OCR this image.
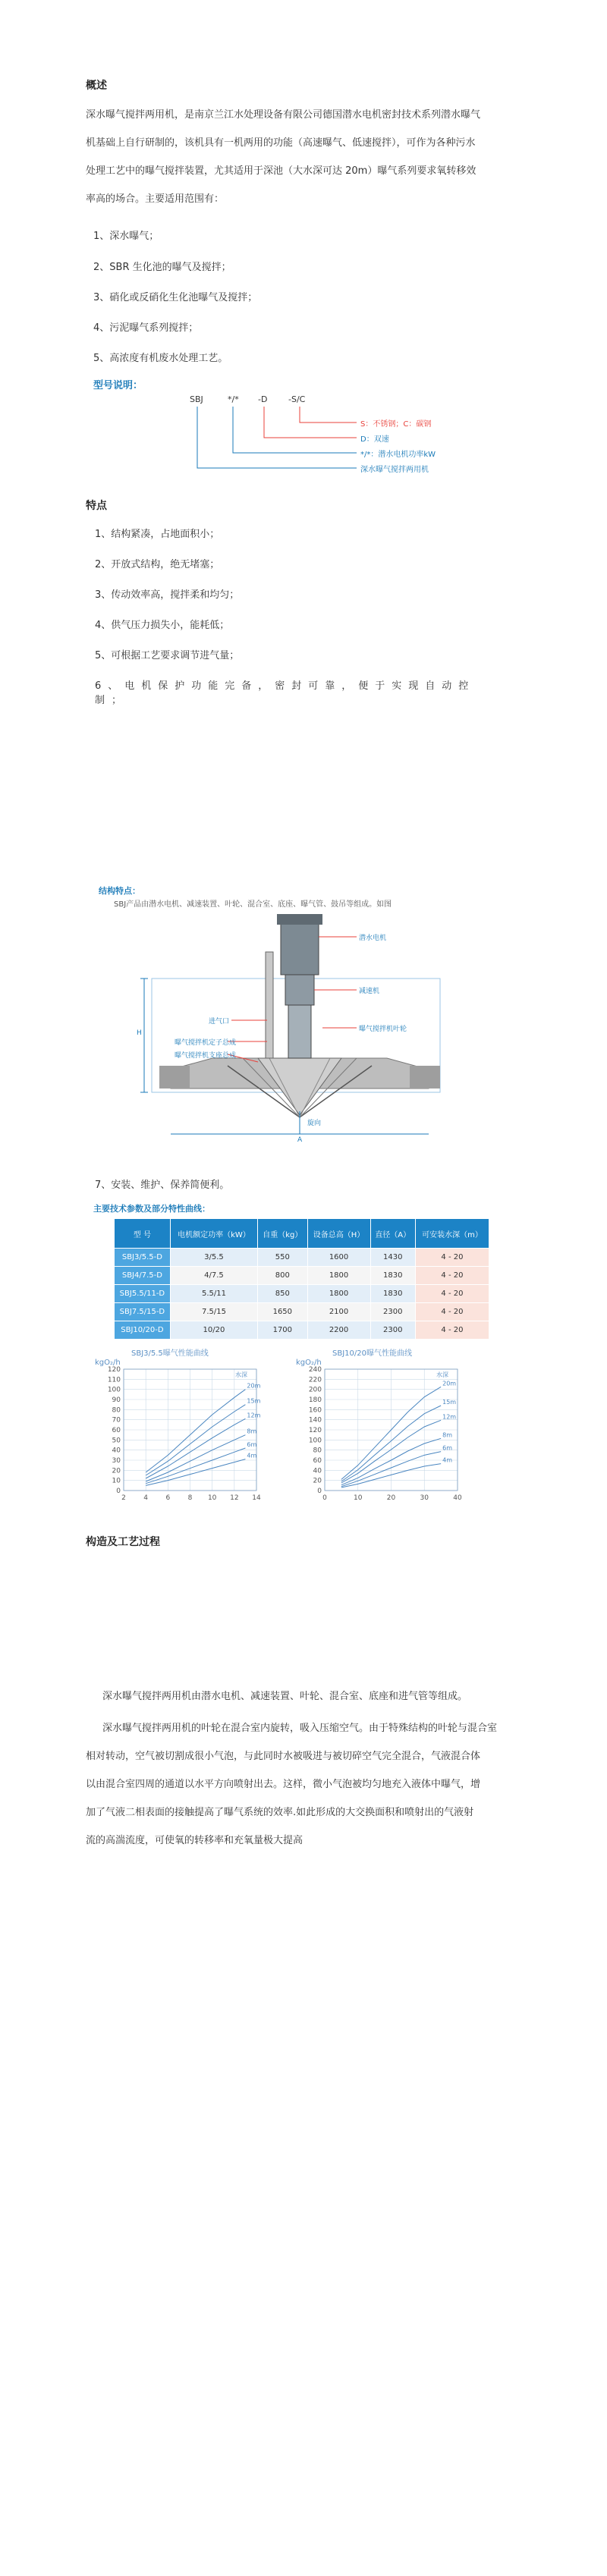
概述
深水曝气搅拌两用机，是南京兰江水处理设备有限公司德国潜水电机密封技术系列潜水曝气
机基础上自行研制的，该机具有一机两用的功能（高速曝气、低速搅拌），可作为各种污水
处理工艺中的曝气搅拌装置，尤其适用于深池（大水深可达 20m）曝气系列要求氧转移效
率高的场合。主要适用范围有：
1、深水曝气；
2、SBR 生化池的曝气及搅拌；
3、硝化或反硝化生化池曝气及搅拌；
4、污泥曝气系列搅拌；
5、高浓度有机废水处理工艺。
型号说明：
SBJ	*/* -D	-S/C
S：不锈钢；C：碳钢
D：双速
*/*：潜水电机功率kW
深水曝气搅拌两用机
特点
1、结构紧凑，占地面积小；
2、开放式结构，绝无堵塞；
3、传动效率高，搅拌柔和均匀；
4、供气压力损失小，能耗低；
5、可根据工艺要求调节进气量；
6、电机保护功能完备，密封可靠，便于实现自动控制；
结构特点：
SBJ产品由潜水电机、减速装置、叶轮、混合室、底座、曝气管、鼓吊等组成。如图
潜水电机
减速机
曝气搅拌机叶轮
进气口
曝气搅拌机定子总成
曝气搅拌机支座总成
旋向
H
A
7、安装、维护、保养简便利。
主要技术参数及部分特性曲线：
型 号	电机额定功率（kW）	自重（kg）	设备总高（H）	直径（A）	可安装水深（m）
SBJ3/5.5-D	3/5.5	550	1600	1430	4 - 20
SBJ4/7.5-D	4/7.5	800	1800	1830	4 - 20
SBJ5.5/11-D	5.5/11	850	1800	1830	4 - 20
SBJ7.5/15-D	7.5/15	1650	2100	2300	4 - 20
SBJ10/20-D	10/20	1700	2200	2300	4 - 20
SBJ3/5.5曝气性能曲线
kgO₂/h
0
10
20
30
40
50
60
70
80
90
100
110
120
2	4	6	8 10 12 14
水深
20m
15m
12m
8m
6m
4m
SBJ10/20曝气性能曲线
kgO₂/h
0
20
40
60
80
100
120
140
160
180
200
220
240
0	10	20	30	40
水深
20m
15m
12m
8m
6m
4m
构造及工艺过程
深水曝气搅拌两用机由潜水电机、减速装置、叶轮、混合室、底座和进气管等组成。
深水曝气搅拌两用机的叶轮在混合室内旋转，吸入压缩空气。由于特殊结构的叶轮与混合室
相对转动，空气被切割成很小气泡，与此同时水被吸进与被切碎空气完全混合，气液混合体
以由混合室四周的通道以水平方向喷射出去。这样，微小气泡被均匀地充入液体中曝气，增
加了气液二相表面的接触提高了曝气系统的效率.如此形成的大交换面积和喷射出的气液射
流的高湍流度，可使氧的转移率和充氧量极大提高
